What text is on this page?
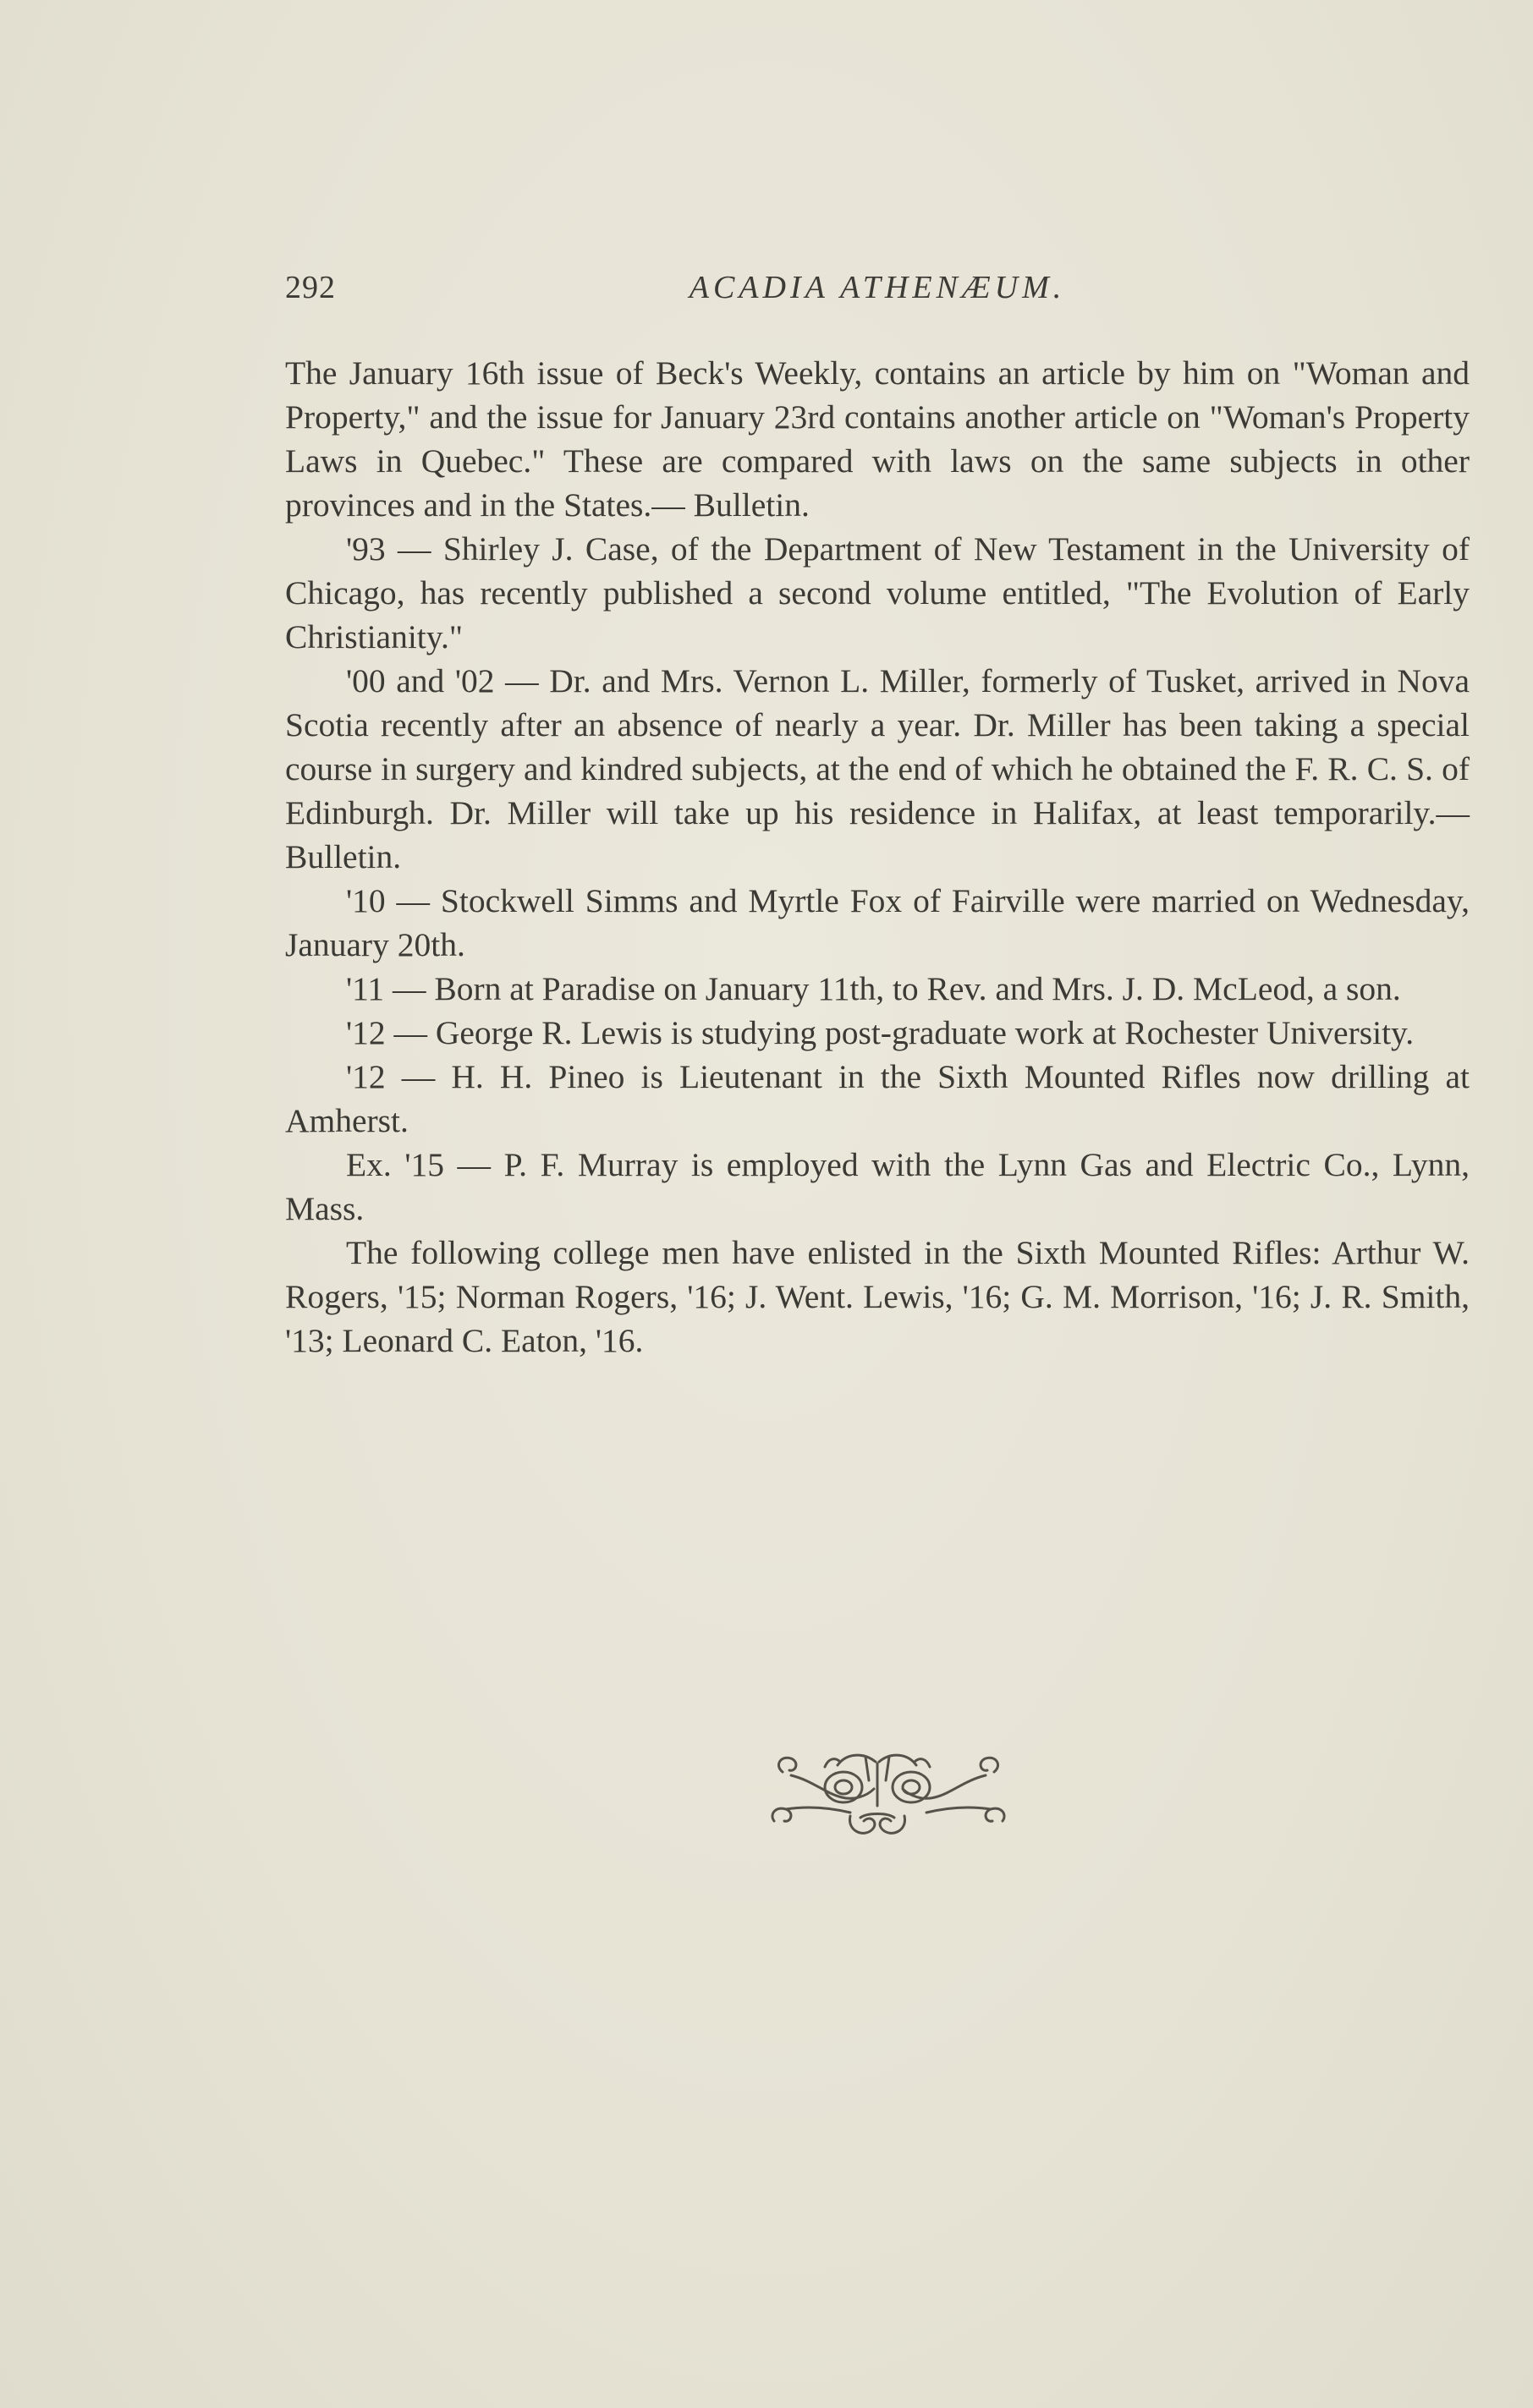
292	ACADIA ATHENÆUM.

The January 16th issue of Beck's Weekly, contains an article by him on "Woman and Property," and the issue for January 23rd contains another article on "Woman's Property Laws in Quebec." These are compared with laws on the same subjects in other provinces and in the States.— Bulletin.

'93 — Shirley J. Case, of the Department of New Testament in the University of Chicago, has recently published a second volume entitled, "The Evolution of Early Christianity."

'00 and '02 — Dr. and Mrs. Vernon L. Miller, formerly of Tusket, arrived in Nova Scotia recently after an absence of nearly a year. Dr. Miller has been taking a special course in surgery and kindred subjects, at the end of which he obtained the F. R. C. S. of Edinburgh. Dr. Miller will take up his residence in Halifax, at least temporarily.— Bulletin.

'10 — Stockwell Simms and Myrtle Fox of Fairville were married on Wednesday, January 20th.

'11 — Born at Paradise on January 11th, to Rev. and Mrs. J. D. McLeod, a son.

'12 — George R. Lewis is studying post-graduate work at Rochester University.

'12 — H. H. Pineo is Lieutenant in the Sixth Mounted Rifles now drilling at Amherst.

Ex. '15 — P. F. Murray is employed with the Lynn Gas and Electric Co., Lynn, Mass.

The following college men have enlisted in the Sixth Mounted Rifles: Arthur W. Rogers, '15; Norman Rogers, '16; J. Went. Lewis, '16; G. M. Morrison, '16; J. R. Smith, '13; Leonard C. Eaton, '16.
